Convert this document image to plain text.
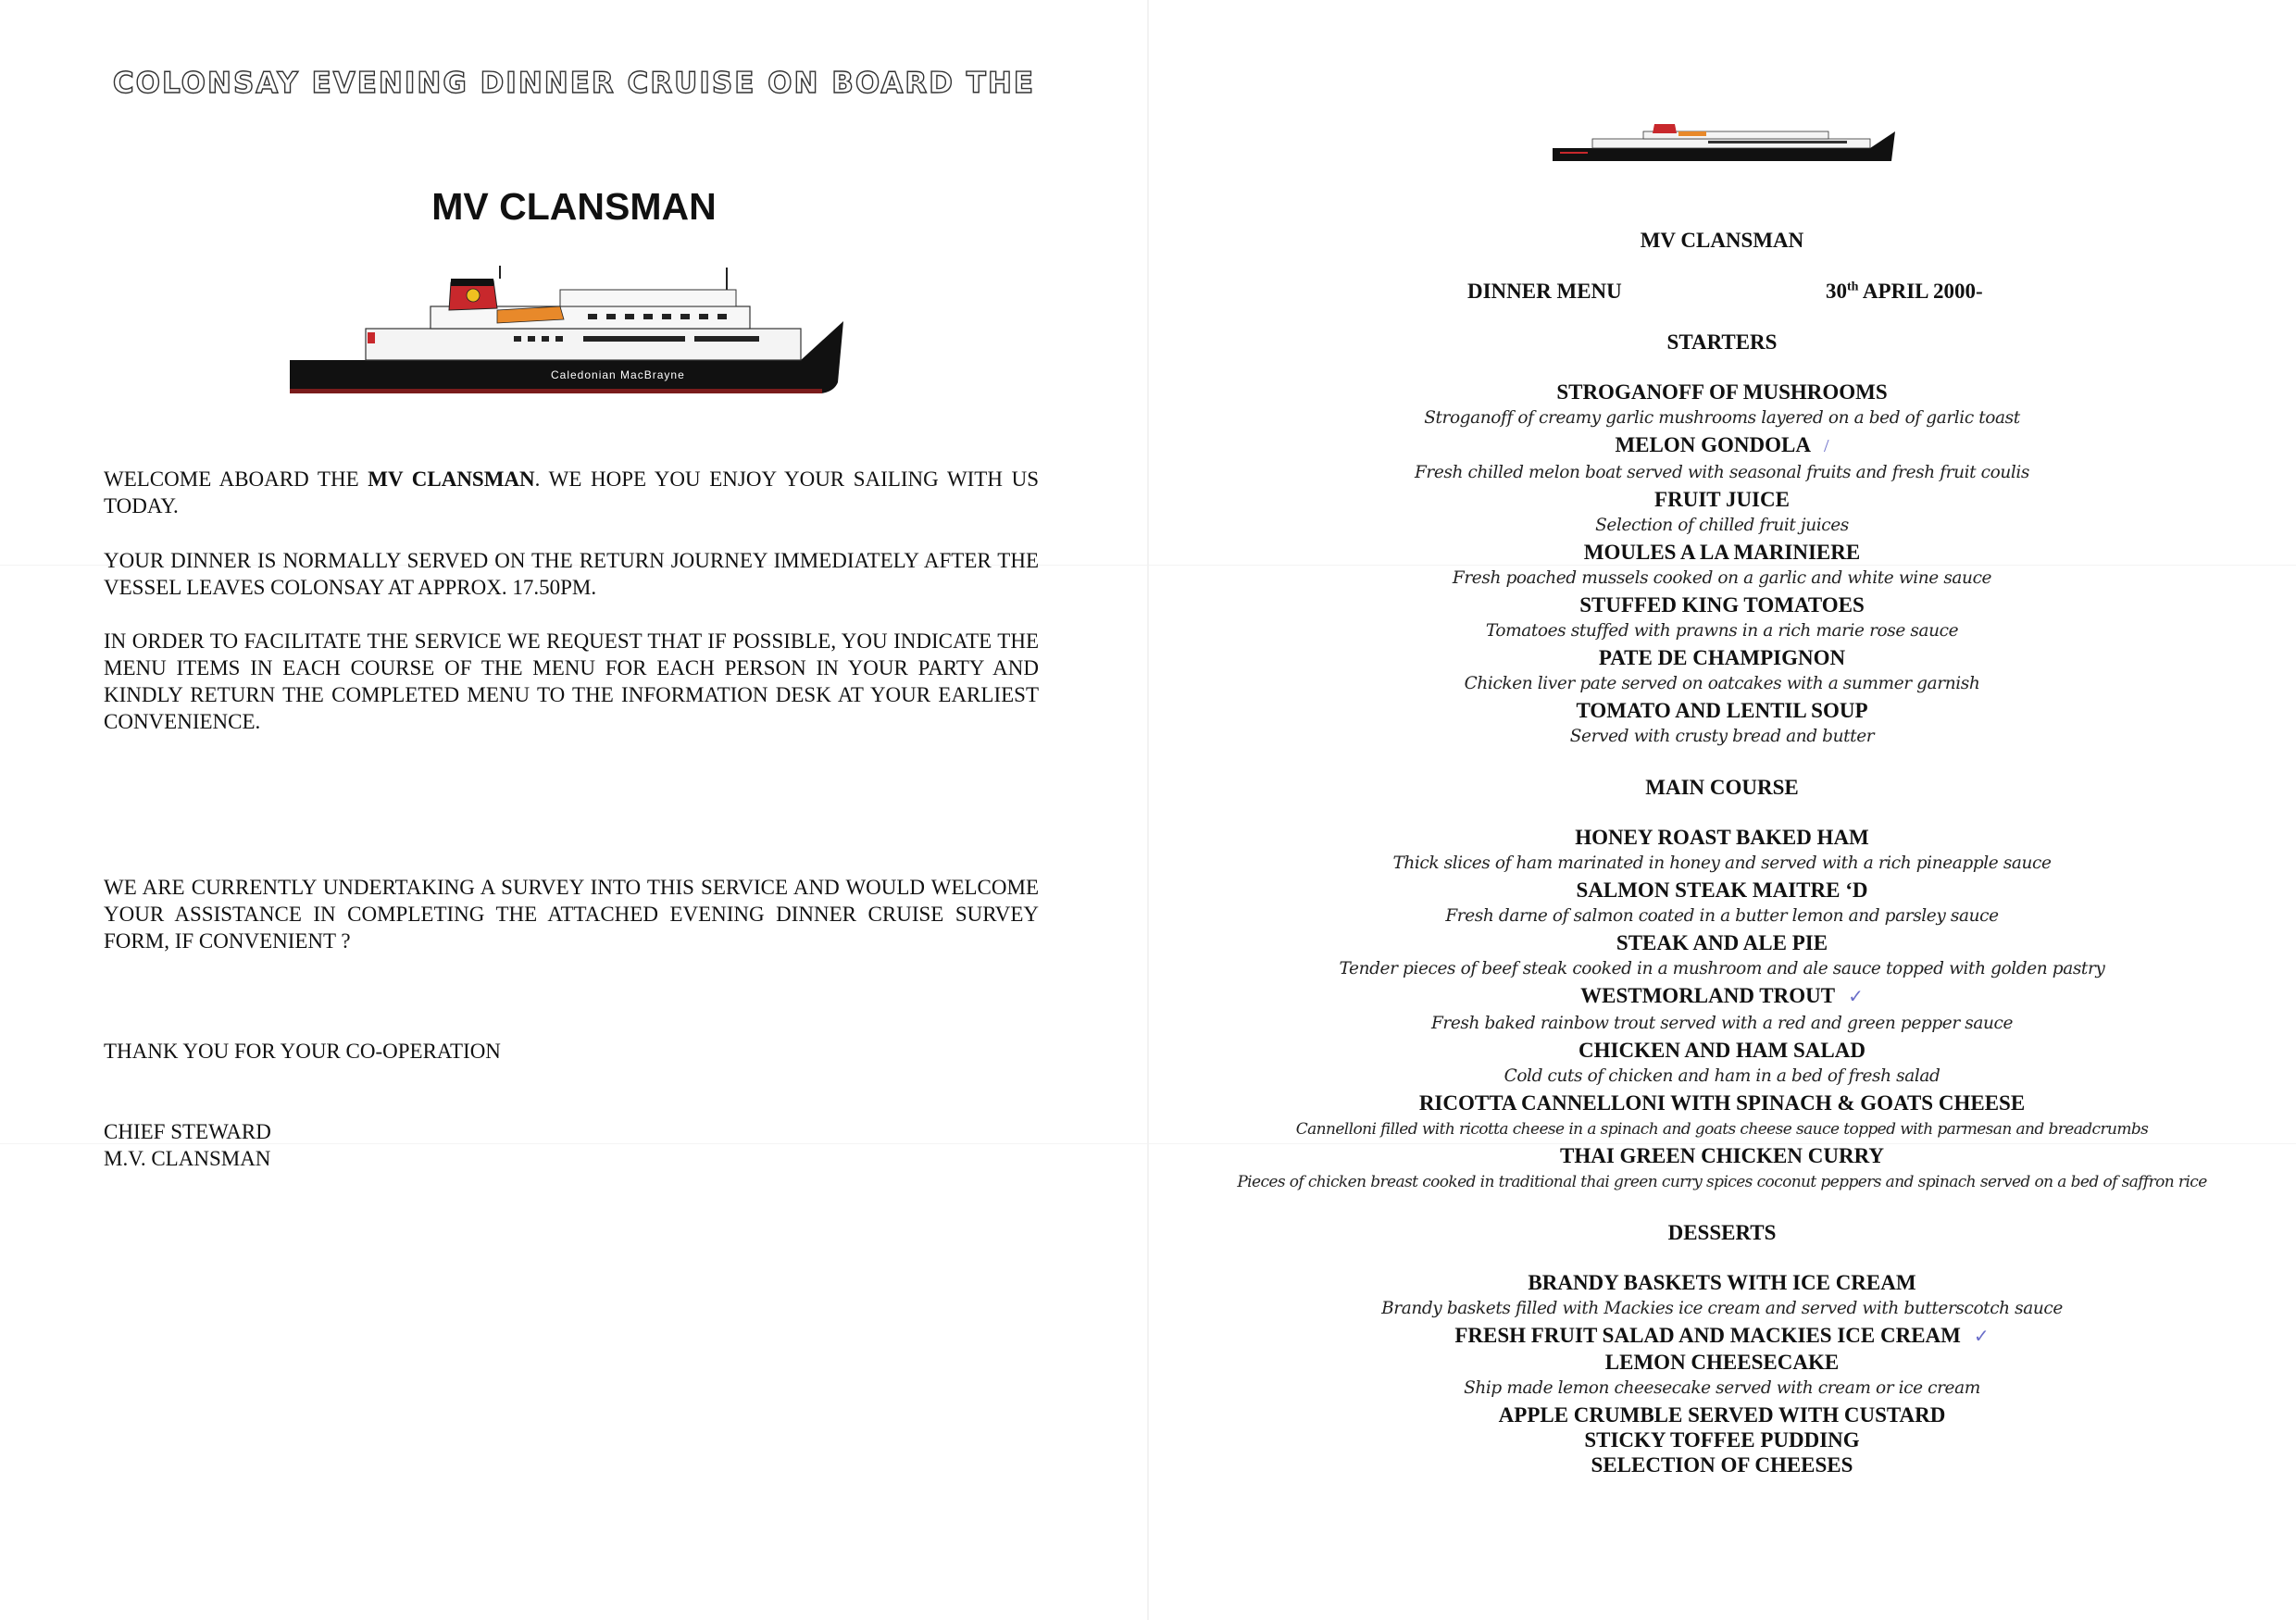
COLONSAY EVENING DINNER CRUISE ON BOARD THE
MV CLANSMAN
Caledonian MacBrayne
WELCOME ABOARD THE MV CLANSMAN. WE HOPE YOU ENJOY YOUR SAILING WITH US TODAY.
YOUR DINNER IS NORMALLY SERVED ON THE RETURN JOURNEY IMMEDIATELY AFTER THE VESSEL LEAVES COLONSAY AT APPROX. 17.50PM.
IN ORDER TO FACILITATE THE SERVICE WE REQUEST THAT IF POSSIBLE, YOU INDICATE THE MENU ITEMS IN EACH COURSE OF THE MENU FOR EACH PERSON IN YOUR PARTY AND KINDLY RETURN THE COMPLETED MENU TO THE INFORMATION DESK AT YOUR EARLIEST CONVENIENCE.
WE ARE CURRENTLY UNDERTAKING A SURVEY INTO THIS SERVICE AND WOULD WELCOME YOUR ASSISTANCE IN COMPLETING THE ATTACHED EVENING DINNER CRUISE SURVEY FORM, IF CONVENIENT ?
THANK YOU FOR YOUR CO-OPERATION
CHIEF STEWARD
M.V. CLANSMAN
MV CLANSMAN
DINNER MENU	30th APRIL 2000-
STARTERS
STROGANOFF OF MUSHROOMS
Stroganoff of creamy garlic mushrooms layered on a bed of garlic toast
MELON GONDOLA /
Fresh chilled melon boat served with seasonal fruits and fresh fruit coulis
FRUIT JUICE
Selection of chilled fruit juices
MOULES A LA MARINIERE
Fresh poached mussels cooked on a garlic and white wine sauce
STUFFED KING TOMATOES
Tomatoes stuffed with prawns in a rich marie rose sauce
PATE DE CHAMPIGNON
Chicken liver pate served on oatcakes with a summer garnish
TOMATO AND LENTIL SOUP
Served with crusty bread and butter
MAIN COURSE
HONEY ROAST BAKED HAM
Thick slices of ham marinated in honey and served with a rich pineapple sauce
SALMON STEAK MAITRE ‘D
Fresh darne of salmon coated in a butter lemon and parsley sauce
STEAK AND ALE PIE
Tender pieces of beef steak cooked in a mushroom and ale sauce topped with golden pastry
WESTMORLAND TROUT ✓
Fresh baked rainbow trout served with a red and green pepper sauce
CHICKEN AND HAM SALAD
Cold cuts of chicken and ham in a bed of fresh salad
RICOTTA CANNELLONI WITH SPINACH & GOATS CHEESE
Cannelloni filled with ricotta cheese in a spinach and goats cheese sauce topped with parmesan and breadcrumbs
THAI GREEN CHICKEN CURRY
Pieces of chicken breast cooked in traditional thai green curry spices coconut peppers and spinach served on a bed of saffron rice
DESSERTS
BRANDY BASKETS WITH ICE CREAM
Brandy baskets filled with Mackies ice cream and served with butterscotch sauce
FRESH FRUIT SALAD AND MACKIES ICE CREAM ✓
LEMON CHEESECAKE
Ship made lemon cheesecake served with cream or ice cream
APPLE CRUMBLE SERVED WITH CUSTARD
STICKY TOFFEE PUDDING
SELECTION OF CHEESES
